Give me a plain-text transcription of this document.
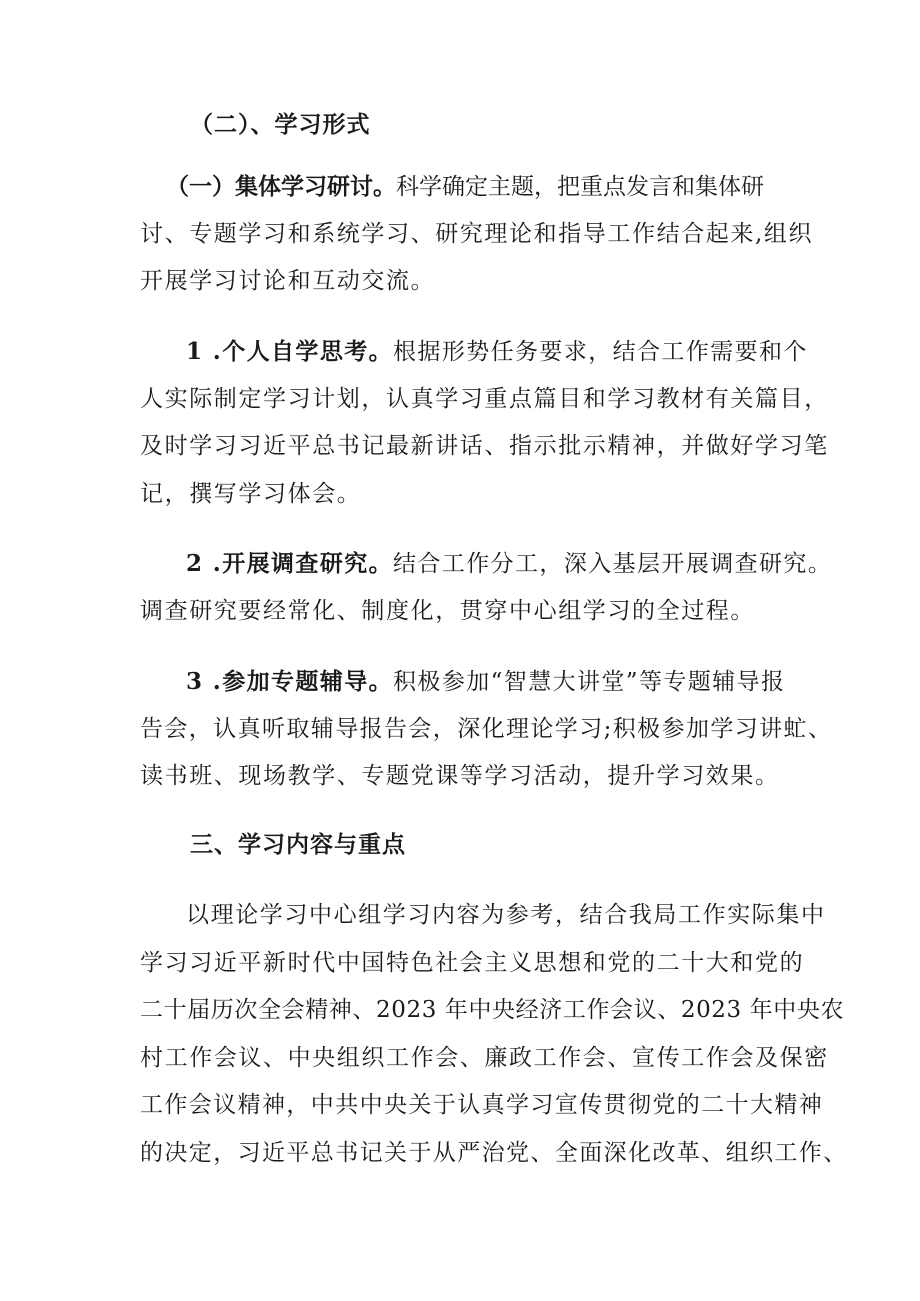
（二）、学习形式
（一）集体学习研讨。科学确定主题，把重点发言和集体研
讨、专题学习和系统学习、研究理论和指导工作结合起来,组织
开展学习讨论和互动交流。
1 .个人自学思考。根据形势任务要求，结合工作需要和个
人实际制定学习计划，认真学习重点篇目和学习教材有关篇目，
及时学习习近平总书记最新讲话、指示批示精神，并做好学习笔
记，撰写学习体会。
2 .开展调查研究。结合工作分工，深入基层开展调查研究。
调查研究要经常化、制度化，贯穿中心组学习的全过程。
3 .参加专题辅导。积极参加“智慧大讲堂”等专题辅导报
告会，认真听取辅导报告会，深化理论学习;积极参加学习讲虻、
读书班、现场教学、专题党课等学习活动，提升学习效果。
三、学习内容与重点
以理论学习中心组学习内容为参考，结合我局工作实际集中
学习习近平新时代中国特色社会主义思想和党的二十大和党的
二十届历次全会精神、2023 年中央经济工作会议、2023 年中央农
村工作会议、中央组织工作会、廉政工作会、宣传工作会及保密
工作会议精神，中共中央关于认真学习宣传贯彻党的二十大精神
的决定，习近平总书记关于从严治党、全面深化改革、组织工作、
